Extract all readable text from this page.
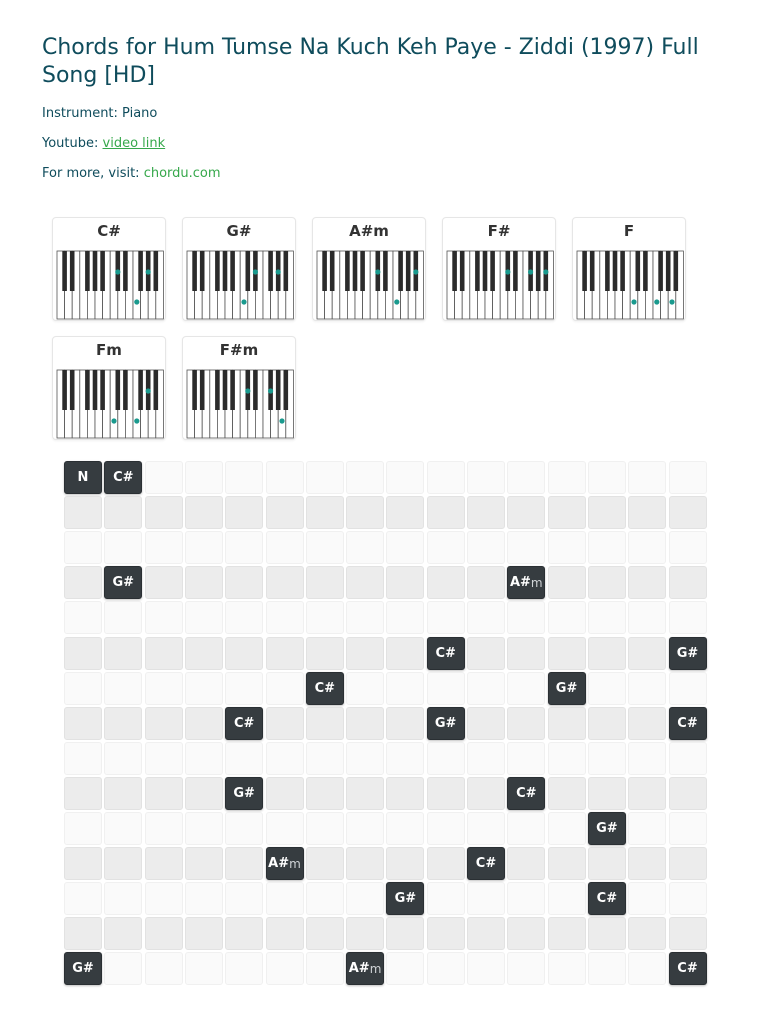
Chords for Hum Tumse Na Kuch Keh Paye - Ziddi (1997) Full Song [HD]
Instrument: Piano
Youtube: video link
For more, visit: chordu.com
C#	G#	A#m	F#	F
Fm	F#m
N C#
G#	A# m
C#	G#
C#	G#
C#	G#	C#
G#	C#
G#
A# m	C#
G#	C#
G#	A# m	C#
